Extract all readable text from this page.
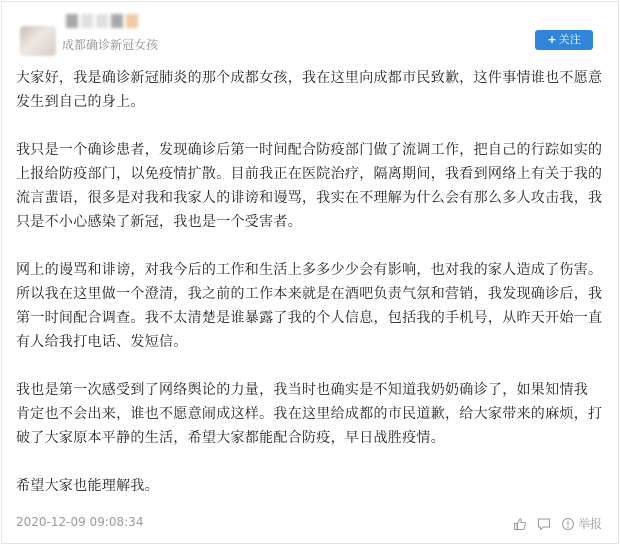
成都确诊新冠女孩	+ 关注

大家好，我是确诊新冠肺炎的那个成都女孩，我在这里向成都市民致歉，这件事情谁也不愿意
发生到自己的身上。

我只是一个确诊患者，发现确诊后第一时间配合防疫部门做了流调工作，把自己的行踪如实的
上报给防疫部门，以免疫情扩散。目前我正在医院治疗，隔离期间，我看到网络上有关于我的
流言蜚语，很多是对我和我家人的诽谤和谩骂，我实在不理解为什么会有那么多人攻击我，我
只是不小心感染了新冠，我也是一个受害者。

网上的谩骂和诽谤，对我今后的工作和生活上多多少少会有影响，也对我的家人造成了伤害。
所以我在这里做一个澄清，我之前的工作本来就是在酒吧负责气氛和营销，我发现确诊后，我
第一时间配合调查。我不太清楚是谁暴露了我的个人信息，包括我的手机号，从昨天开始一直
有人给我打电话、发短信。

我也是第一次感受到了网络舆论的力量，我当时也确实是不知道我奶奶确诊了，如果知情我
肯定也不会出来，谁也不愿意闹成这样。我在这里给成都的市民道歉，给大家带来的麻烦，打
破了大家原本平静的生活，希望大家都能配合防疫，早日战胜疫情。

希望大家也能理解我。

2020-12-09 09:08:34	举报
